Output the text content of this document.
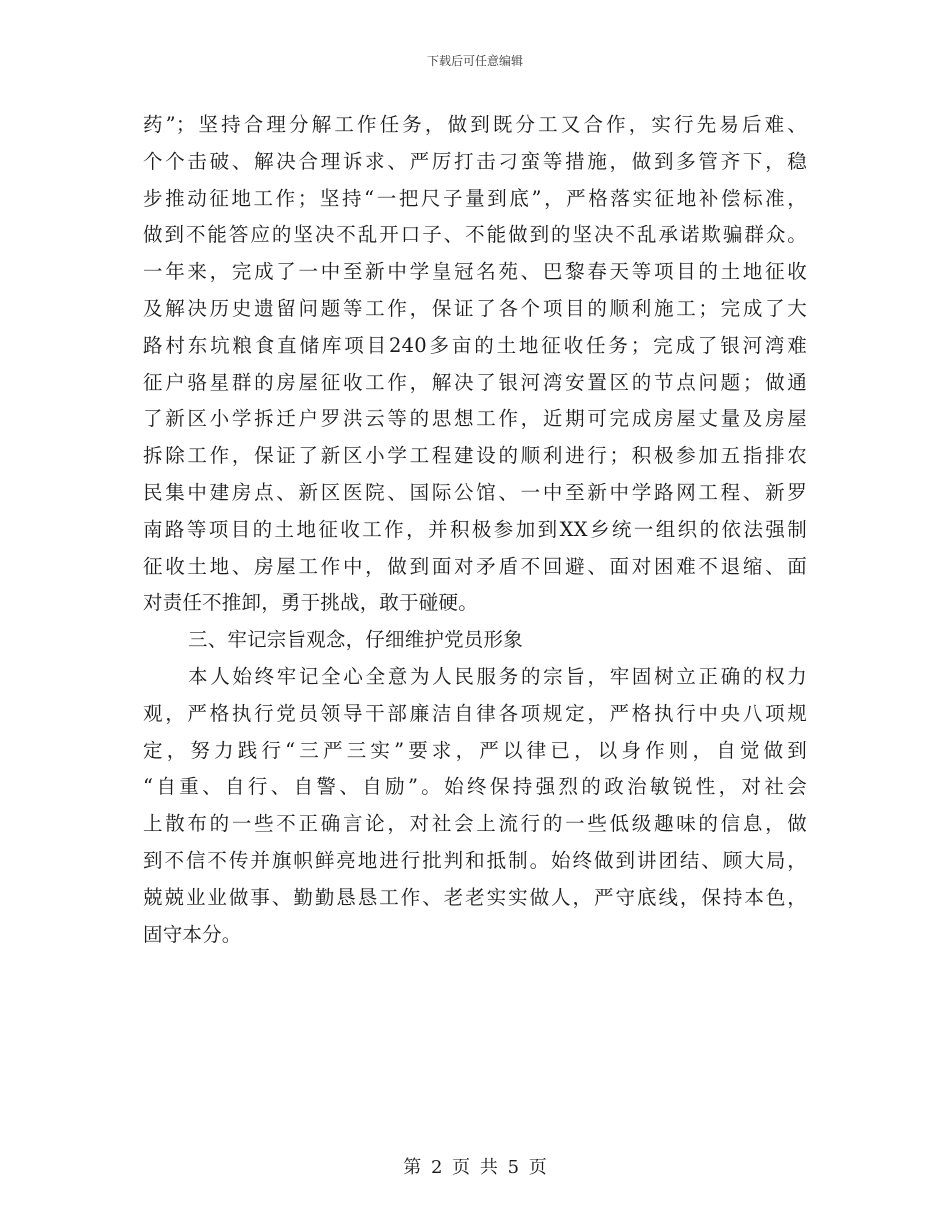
下载后可任意编辑
药”；坚持合理分解工作任务，做到既分工又合作，实行先易后难、
个个击破、解决合理诉求、严厉打击刁蛮等措施，做到多管齐下，稳
步推动征地工作；坚持“一把尺子量到底”，严格落实征地补偿标准，
做到不能答应的坚决不乱开口子、不能做到的坚决不乱承诺欺骗群众。
一年来，完成了一中至新中学皇冠名苑、巴黎春天等项目的土地征收
及解决历史遗留问题等工作，保证了各个项目的顺利施工；完成了大
路村东坑粮食直储库项目240多亩的土地征收任务；完成了银河湾难
征户骆星群的房屋征收工作，解决了银河湾安置区的节点问题；做通
了新区小学拆迁户罗洪云等的思想工作，近期可完成房屋丈量及房屋
拆除工作，保证了新区小学工程建设的顺利进行；积极参加五指排农
民集中建房点、新区医院、国际公馆、一中至新中学路网工程、新罗
南路等项目的土地征收工作，并积极参加到XX乡统一组织的依法强制
征收土地、房屋工作中，做到面对矛盾不回避、面对困难不退缩、面
对责任不推卸，勇于挑战，敢于碰硬。
三、牢记宗旨观念，仔细维护党员形象
本人始终牢记全心全意为人民服务的宗旨，牢固树立正确的权力
观，严格执行党员领导干部廉洁自律各项规定，严格执行中央八项规
定，努力践行“三严三实”要求，严以律已，以身作则，自觉做到
“自重、自行、自警、自励”。始终保持强烈的政治敏锐性，对社会
上散布的一些不正确言论，对社会上流行的一些低级趣味的信息，做
到不信不传并旗帜鲜亮地进行批判和抵制。始终做到讲团结、顾大局，
兢兢业业做事、勤勤恳恳工作、老老实实做人，严守底线，保持本色，
固守本分。
第 2 页 共 5 页
